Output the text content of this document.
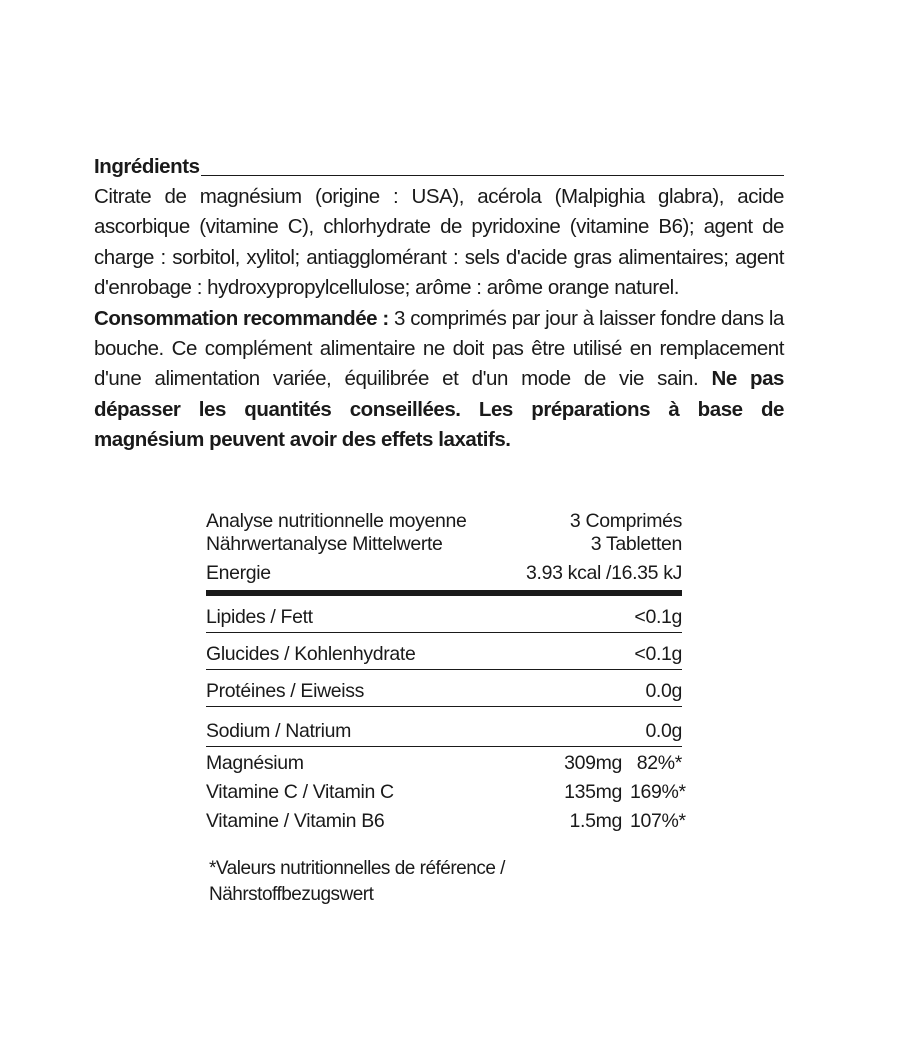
Ingrédients
Citrate de magnésium (origine : USA), acérola (Malpighia glabra), acide ascorbique (vitamine C), chlorhydrate de pyridoxine (vitamine B6); agent de charge : sorbitol, xylitol; antiagglomérant : sels d'acide gras alimentaires; agent d'enrobage : hydroxypropylcellulose; arôme : arôme orange naturel.
Consommation recommandée : 3 comprimés par jour à laisser fondre dans la bouche. Ce complément alimentaire ne doit pas être utilisé en remplacement d'une alimentation variée, équilibrée et d'un mode de vie sain. Ne pas dépasser les quantités conseillées. Les préparations à base de magnésium peuvent avoir des effets laxatifs.
Analyse nutritionnelle moyenne	3 Comprimés
Nährwertanalyse Mittelwerte	3 Tabletten
Energie	3.93 kcal /16.35 kJ
Lipides / Fett	<0.1g
Glucides / Kohlenhydrate	<0.1g
Protéines / Eiweiss	0.0g
Sodium / Natrium	0.0g
Magnésium	309mg 82%*
Vitamine C / Vitamin C	135mg 169%*
Vitamine / Vitamin B6	1.5mg 107%*
*Valeurs nutritionnelles de référence /
Nährstoffbezugswert
